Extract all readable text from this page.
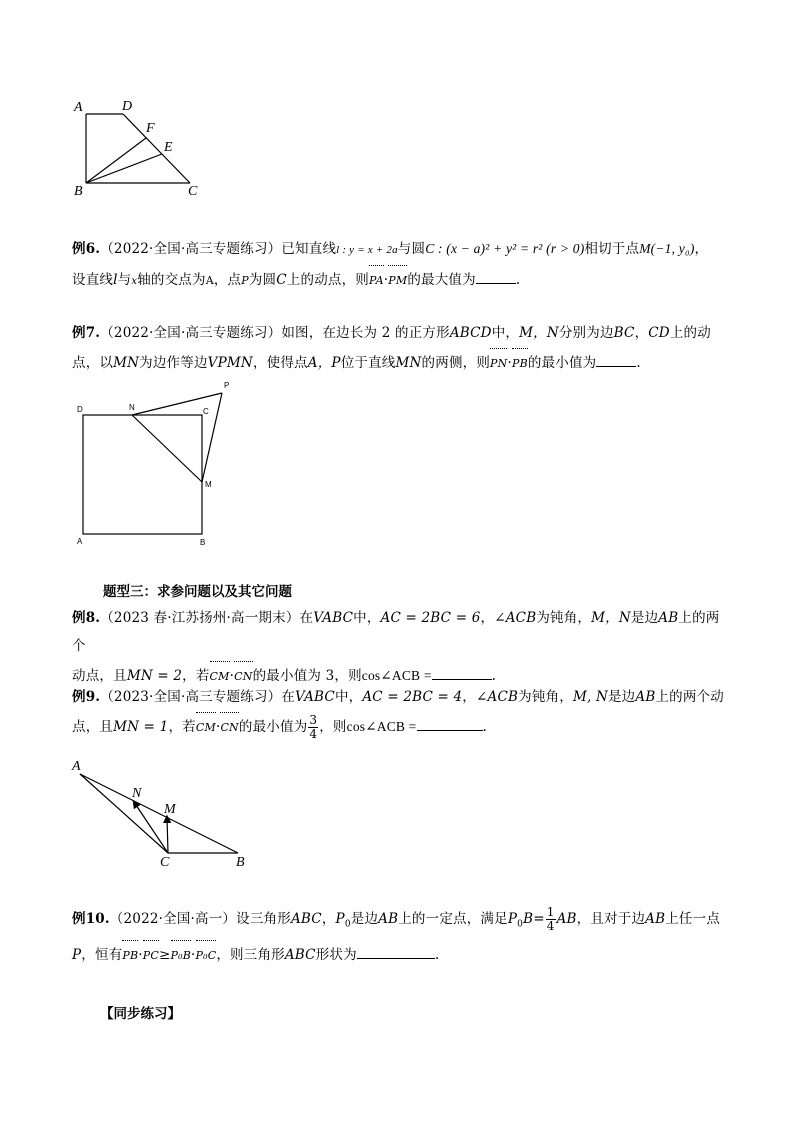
A	D
F
E
B	C
例6.（2022·全国·高三专题练习）已知直线l : y = x + 2a与圆C : (x − a)² + y² = r² (r > 0)相切于点M(−1, y₀)，
设直线l与x轴的交点为A，点P为圆C上的动点，则PA·PM的最大值为	.
例7.（2022·全国·高三专题练习）如图，在边长为 2 的正方形ABCD中，M，N分别为边BC，CD上的动
点，以MN为边作等边VPMN，使得点A，P位于直线MN的两侧，则PN·PB的最小值为	.
D	N	C
P
M
A	B
题型三：求参问题以及其它问题
例8.（2023 春·江苏扬州·高一期末）在VABC中，AC = 2BC = 6，∠ACB为钝角，M，N是边AB上的两个
动点，且MN = 2，若CM·CN的最小值为 3，则cos∠ACB =	.
例9.（2023·全国·高三专题练习）在VABC中，AC = 2BC = 4，∠ACB为钝角，M, N是边AB上的两个动
点，且MN = 1，若CM·CN的最小值为 $\frac{3}{4}$ ，则cos∠ACB =	.
A
N
M
C	B
例10.（2022·全国·高一）设三角形ABC，$P_0$是边AB上的一定点，满足$P_0B= \frac{1}{4}$ AB，且对于边AB上任一点
P，恒有PB·PC≥P₀B·P₀C，则三角形ABC形状为	.
【同步练习】
